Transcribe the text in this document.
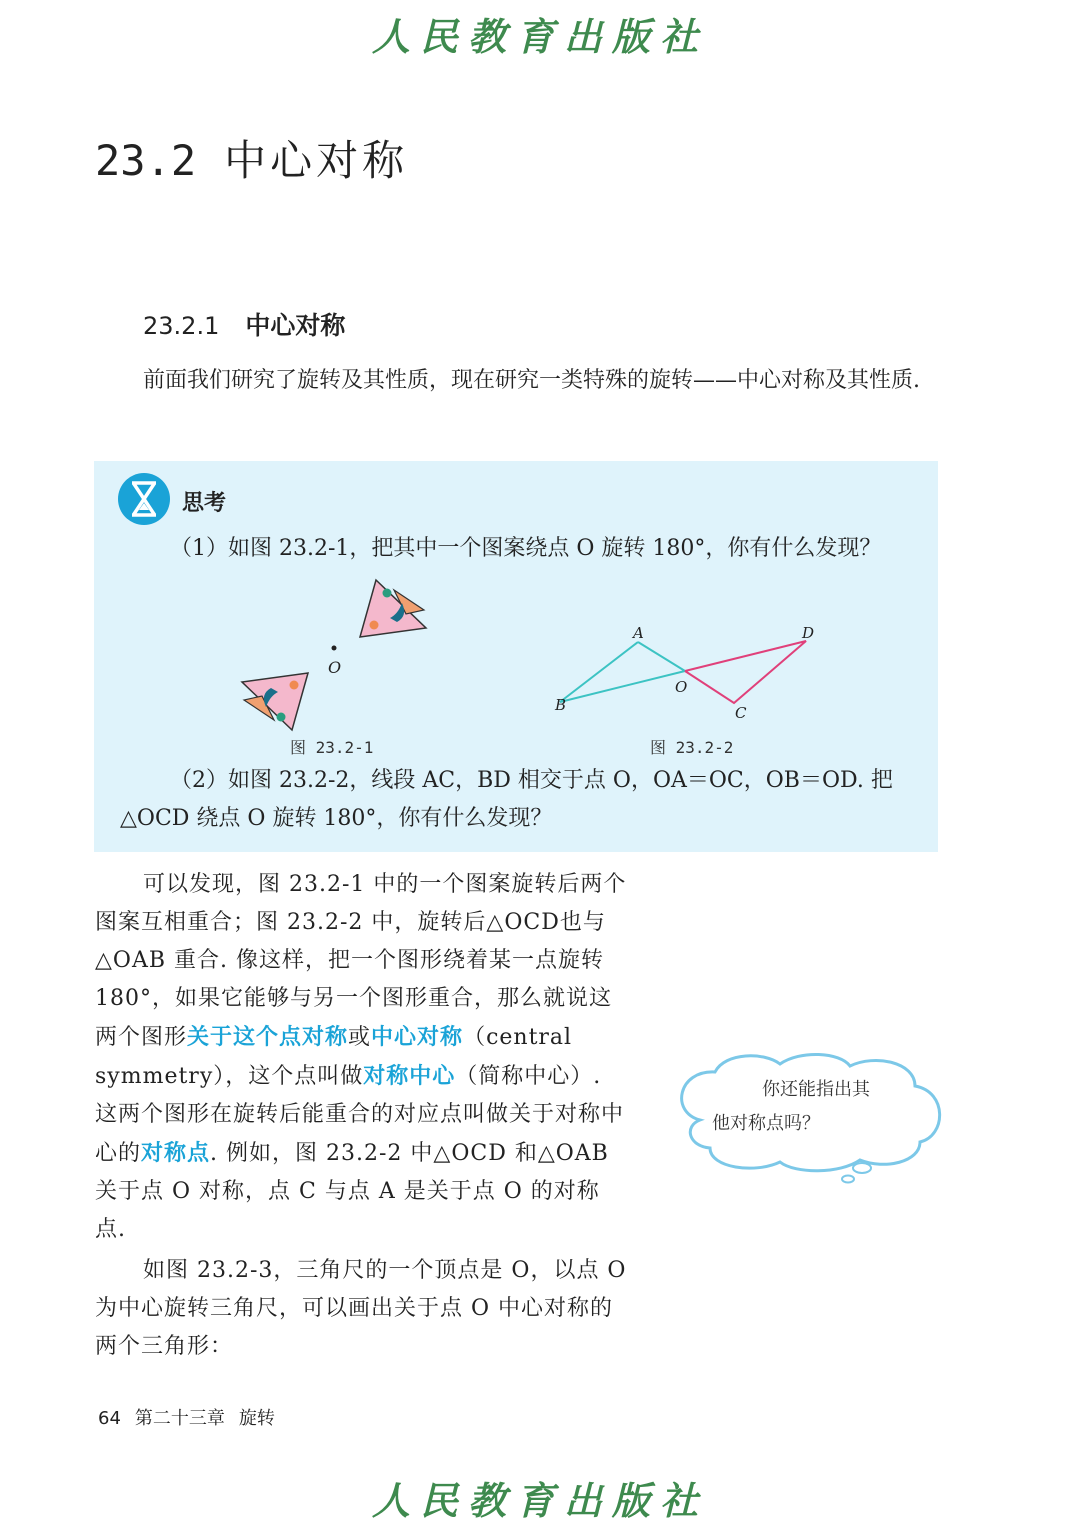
人民教育出版社
23.2 中心对称
23.2.1 中心对称
前面我们研究了旋转及其性质，现在研究一类特殊的旋转——中心对称及其性质.
思考
（1）如图 23.2-1，把其中一个图案绕点 O 旋转 180°，你有什么发现？
O
A
B	C
D
O
图 23.2-1	图 23.2-2
（2）如图 23.2-2，线段 AC，BD 相交于点 O，OA＝OC，OB＝OD. 把△OCD 绕点 O 旋转 180°，你有什么发现？
可以发现，图 23.2-1 中的一个图案旋转后两个图案互相重合；图 23.2-2 中，旋转后△OCD也与△OAB 重合. 像这样，把一个图形绕着某一点旋转 180°，如果它能够与另一个图形重合，那么就说这两个图形关于这个点对称或中心对称（central symmetry），这个点叫做对称中心（简称中心）. 这两个图形在旋转后能重合的对应点叫做关于对称中心的对称点. 例如，图 23.2-2 中△OCD 和△OAB 关于点 O 对称，点 C 与点 A 是关于点 O 的对称点.
如图 23.2-3，三角尺的一个顶点是 O，以点 O 为中心旋转三角尺，可以画出关于点 O 中心对称的两个三角形：
你还能指出其
他对称点吗？
64 第二十三章 旋转
人民教育出版社
